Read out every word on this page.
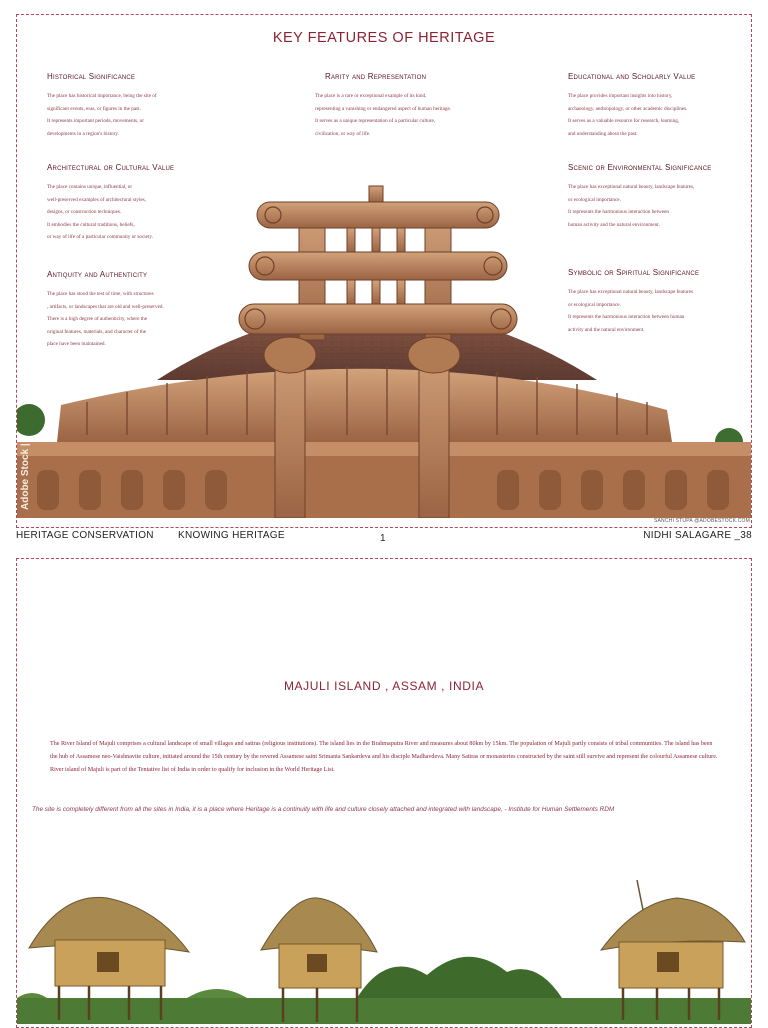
KEY FEATURES OF HERITAGE
Historical Significance

The place has historical importance, being the site of
significant events, eras, or figures in the past.
It represents important periods, movements, or
developments in a region's history.

Rarity and Representation

The place is a rare or exceptional example of its kind,
representing a vanishing or endangered aspect of human heritage.
It serves as a unique representation of a particular culture,
civilization, or way of life.

Educational and Scholarly Value

The place provides important insights into history,
archaeology, anthropology, or other academic disciplines.
It serves as a valuable resource for research, learning,
and understanding about the past.

Architectural or Cultural Value

The place contains unique, influential, or
well-preserved examples of architectural styles,
designs, or construction techniques.
It embodies the cultural traditions, beliefs,
or way of life of a particular community or society.

Scenic or Environmental Significance

The place has exceptional natural beauty, landscape features,
or ecological importance.
It represents the harmonious interaction between
human activity and the natural environment.

Antiquity and Authenticity

The place has stood the test of time, with structures
, artifacts, or landscapes that are old and well-preserved.
There is a high degree of authenticity, where the
original features, materials, and character of the
place have been maintained.

Symbolic or Spiritual Significance

The place has exceptional natural beauty, landscape features
or ecological importance.
It represents the harmonious interaction between human
activity and the natural environment.

Adobe Stock |
SANCHI STUPA @ADOBESTOCK.COM
HERITAGE CONSERVATION KNOWING HERITAGE	1	NIDHI SALAGARE _38
MAJULI ISLAND , ASSAM , INDIA
The River Island of Majuli comprises a cultural landscape of small villages and sattras (religious institutions). The island lies in the Brahmaputra River and measures about 80km by 15km. The population of Majuli partly consists of tribal communities. The island has been the hub of Assamese neo-Vaishnavite culture, initiated around the 15th century by the revered Assamese saint Srimanta Sankardeva and his disciple Madhavdeva. Many Sattras or monasteries constructed by the saint still survive and represent the colourful Assamese culture. River island of Majuli is part of the Tentative list of India in order to qualify for inclusion in the World Heritage List.
The site is completely different from all the sites in India, it is a place where Heritage is a continuity with life and culture closely attached and integrated with landscape, - Institute for Human Settlements RDM
